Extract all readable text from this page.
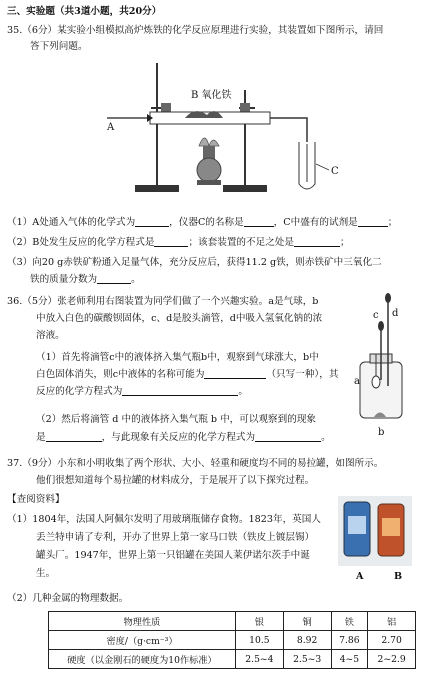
三、实验题（共3道小题，共20分）
35.（6分）某实验小组模拟高炉炼铁的化学反应原理进行实验，其装置如下图所示，请回
答下列问题。
B 氧化铁
A
C
（1）A处通入气体的化学式为	，仪器C的名称是	，C中盛有的试剂是	；
（2）B处发生反应的化学方程式是	；该套装置的不足之处是	；
（3）向20 g赤铁矿粉通入足量气体，充分反应后，获得11.2 g铁，则赤铁矿中三氧化二
铁的质量分数为	。
36.（5分）张老师利用右图装置为同学们做了一个兴趣实验。a是气球，b
中放入白色的碳酸钡固体，c、d是胶头滴管，d中吸入氢氧化钠的浓
溶液。
（1）首先将滴管c中的液体挤入集气瓶b中，观察到气球涨大，b中
白色固体消失，则c中液体的名称可能为	（只写一种），其
反应的化学方程式为	。
（2）然后将滴管 d 中的液体挤入集气瓶 b 中，可以观察到的现象
是	，与此现象有关反应的化学方程式为	。
c d
a
b
37.（9分）小东和小明收集了两个形状、大小、轻重和硬度均不同的易拉罐，如图所示。
他们很想知道每个易拉罐的材料成分，于是展开了以下探究过程。
【查阅资料】
（1）1804年，法国人阿佩尔发明了用玻璃瓶储存食物。1823年，英国人
丢兰特申请了专利，开办了世界上第一家马口铁（铁皮上镀层锡）
罐头厂。1947年，世界上第一只铝罐在美国人莱伊诺尔茨手中诞
生。
（2）几种金属的物理数据。
A	B
物理性质	银	铜	铁	铝
密度/（g·cm⁻³）	10.5	8.92	7.86	2.70
硬度（以金刚石的硬度为10作标准）	2.5~4	2.5~3	4~5	2~2.9
